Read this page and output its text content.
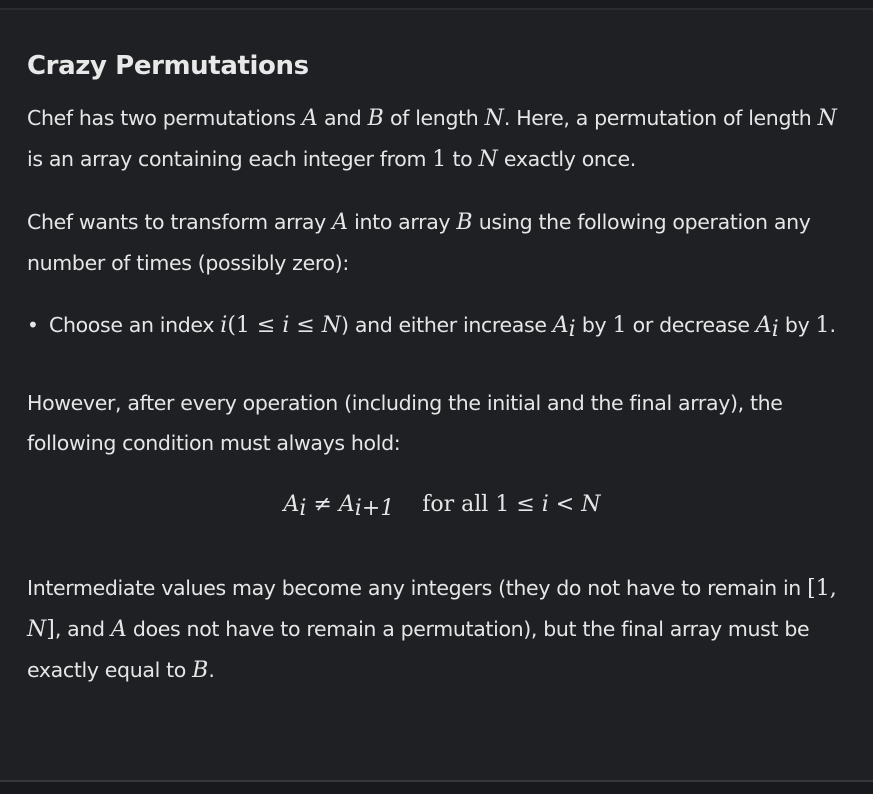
Crazy Permutations

Chef has two permutations A and B of length N. Here, a permutation of length N is an array containing each integer from 1 to N exactly once.

Chef wants to transform array A into array B using the following operation any number of times (possibly zero):

• Choose an index i(1 ≤ i ≤ N) and either increase $A_i$ by 1 or decrease $A_i$ by 1.

However, after every operation (including the initial and the final array), the following condition must always hold:

$A_i \ne A_{i+1}$ for all 1 ≤ i < N

Intermediate values may become any integers (they do not have to remain in [1, N], and A does not have to remain a permutation), but the final array must be exactly equal to B.
